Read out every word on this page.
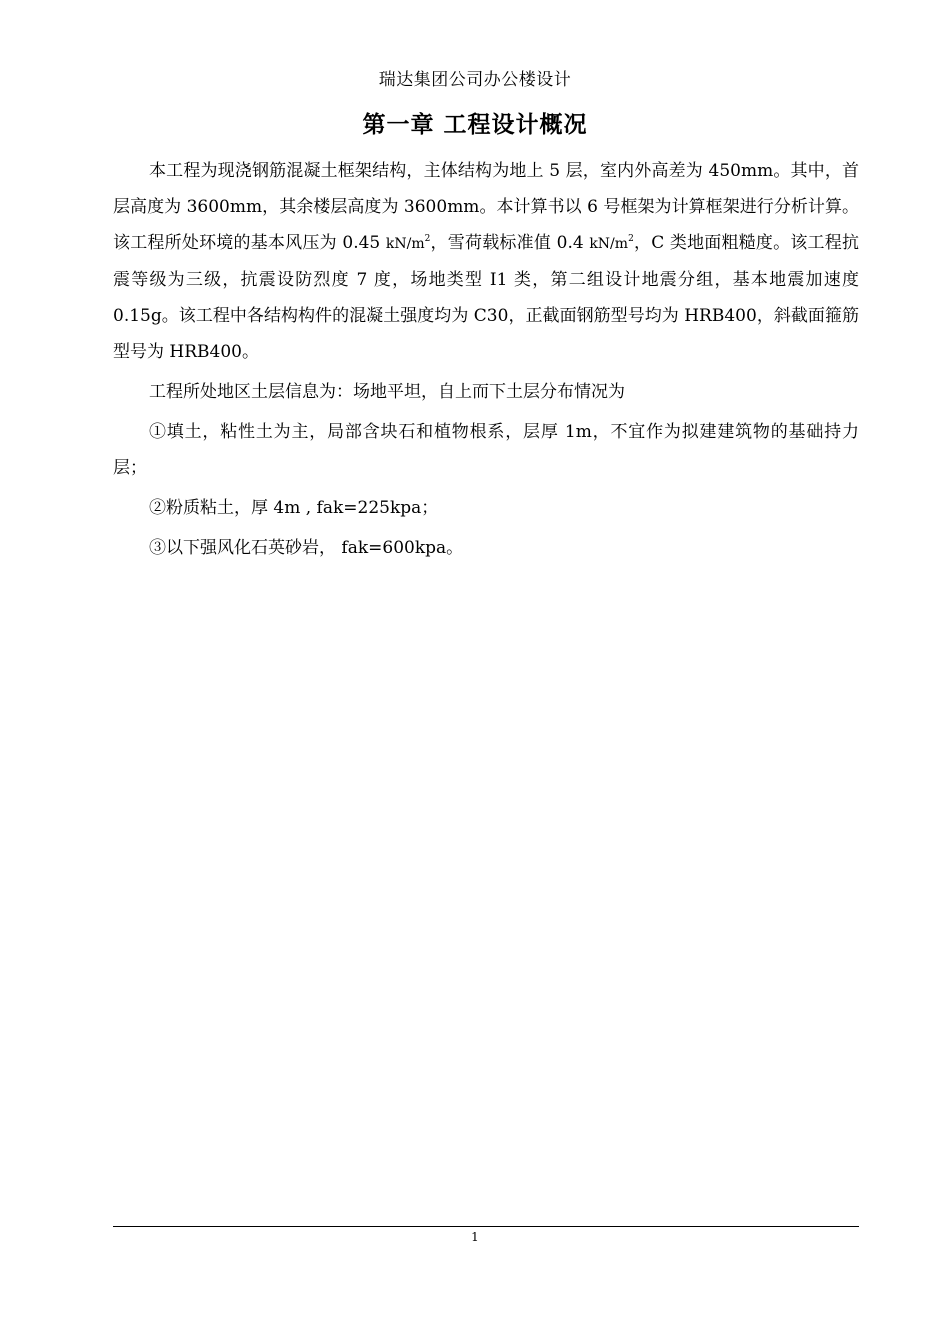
瑞达集团公司办公楼设计
第一章 工程设计概况

本工程为现浇钢筋混凝土框架结构，主体结构为地上 5 层，室内外高差为 450mm。其中，首层高度为 3600mm，其余楼层高度为 3600mm。本计算书以 6 号框架为计算框架进行分析计算。该工程所处环境的基本风压为 0.45 $kN/m^2$，雪荷载标准值 0.4 $kN/m^2$，C 类地面粗糙度。该工程抗震等级为三级，抗震设防烈度 7 度，场地类型 I1 类，第二组设计地震分组，基本地震加速度 0.15g。该工程中各结构构件的混凝土强度均为 C30，正截面钢筋型号均为 HRB400，斜截面箍筋型号为 HRB400。

工程所处地区土层信息为：场地平坦，自上而下土层分布情况为

①填土，粘性土为主，局部含块石和植物根系，层厚 1m，不宜作为拟建建筑物的基础持力层；

②粉质粘土，厚 4m , fak=225kpa；

③以下强风化石英砂岩， fak=600kpa。

1
